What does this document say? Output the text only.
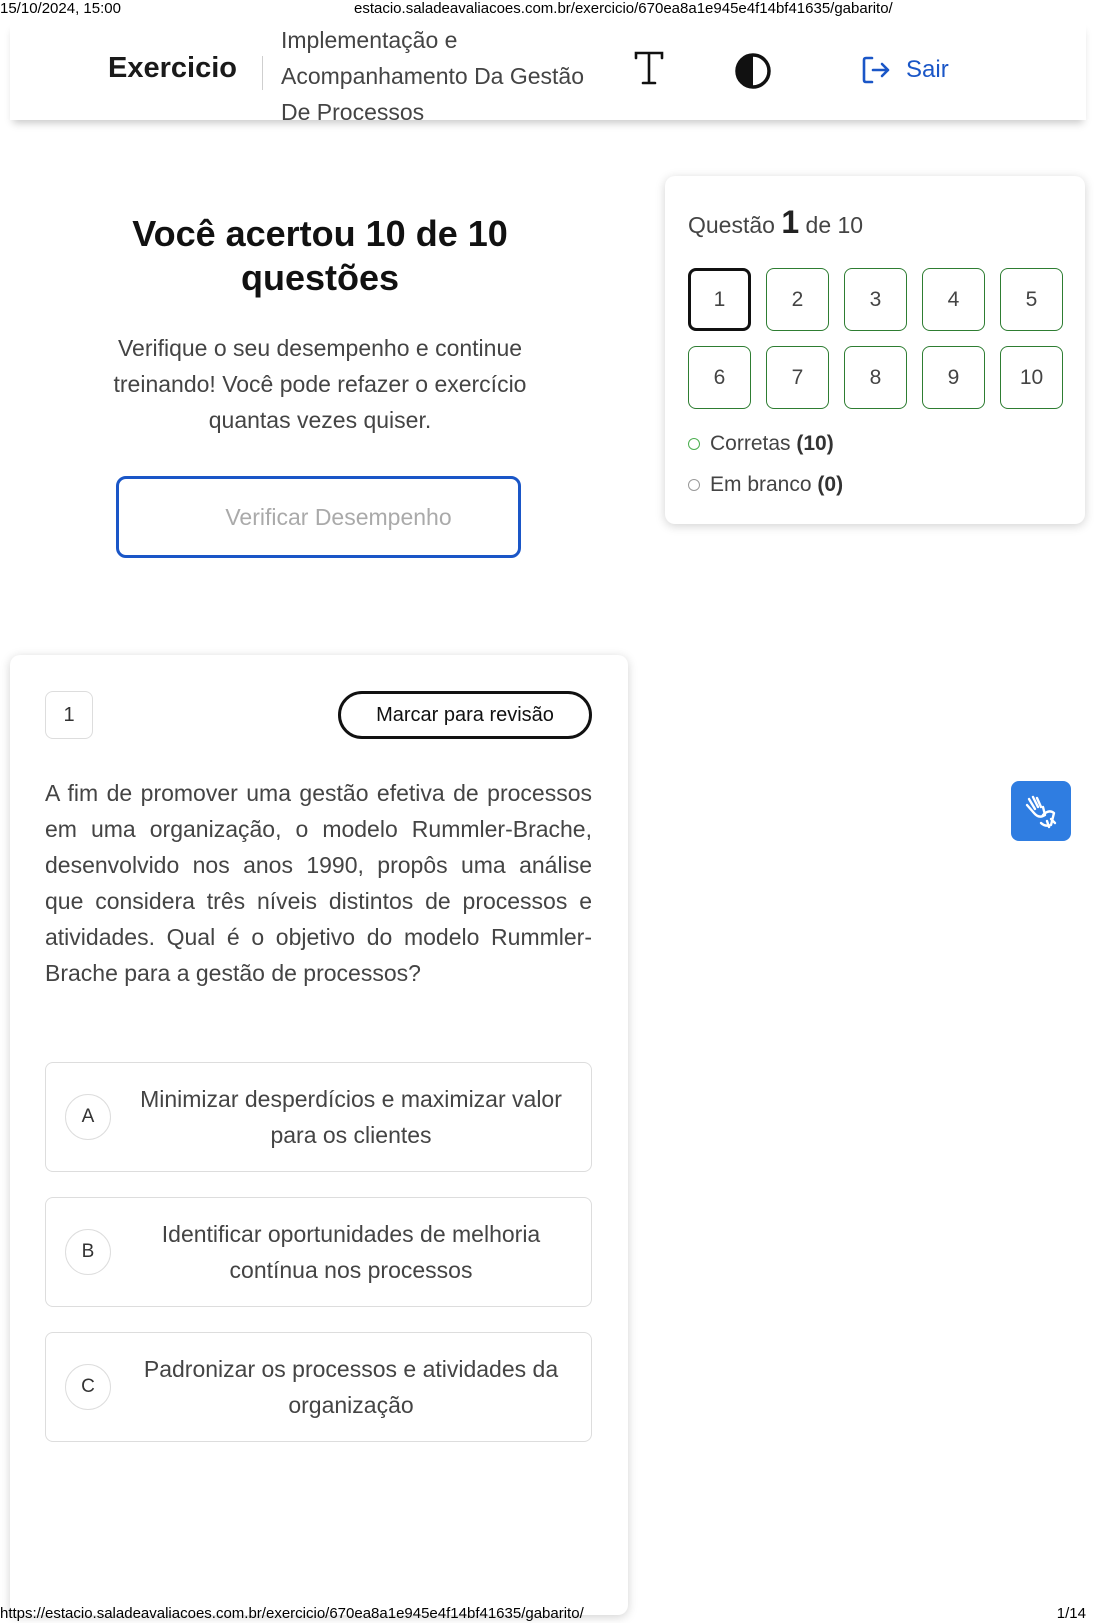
15/10/2024, 15:00	estacio.saladeavaliacoes.com.br/exercicio/670ea8a1e945e4f14bf41635/gabarito/
Exercicio
Implementação e
Acompanhamento Da Gestão
De Processos
Sair
Você acertou 10 de 10 questões
Verifique o seu desempenho e continue treinando! Você pode refazer o exercício quantas vezes quiser.
Verificar Desempenho
Questão 1 de 10
1	2	3	4	5
6	7	8	9	10
Corretas (10)
Em branco (0)
1	Marcar para revisão
A fim de promover uma gestão efetiva de processos em uma organização, o modelo Rummler-Brache, desenvolvido nos anos 1990, propôs uma análise que considera três níveis distintos de processos e atividades. Qual é o objetivo do modelo Rummler-Brache para a gestão de processos?
A
Minimizar desperdícios e maximizar valor para os clientes
B
Identificar oportunidades de melhoria contínua nos processos
C
Padronizar os processos e atividades da organização
https://estacio.saladeavaliacoes.com.br/exercicio/670ea8a1e945e4f14bf41635/gabarito/	1/14
